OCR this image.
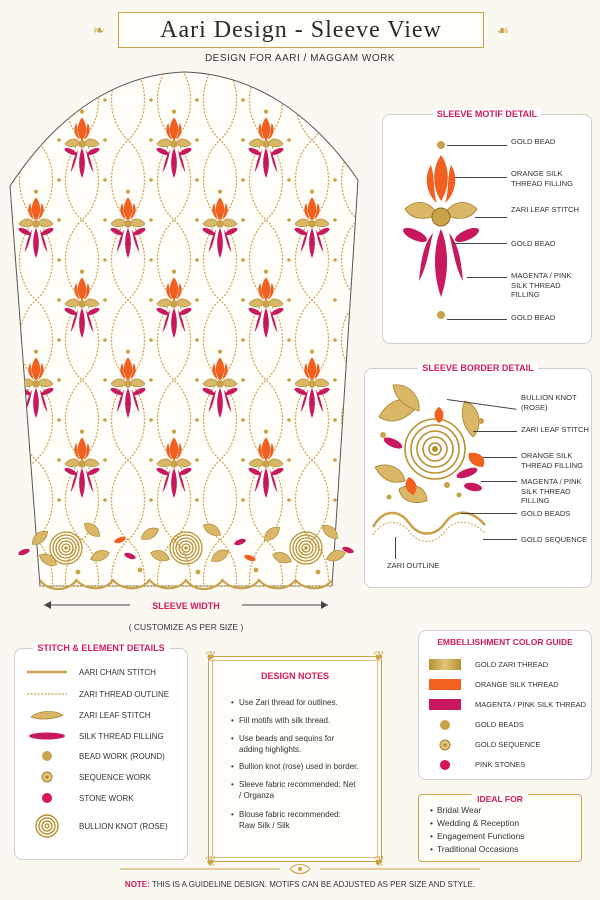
❧ Aari Design - Sleeve View	☙
DESIGN FOR AARI / MAGGAM WORK
SLEEVE WIDTH
( CUSTOMIZE AS PER SIZE )
SLEEVE MOTIF DETAIL
GOLD BEAD
ORANGE SILK THREAD FILLING
ZARI LEAF STITCH
GOLD BEAD
MAGENTA / PINK SILK THREAD FILLING
GOLD BEAD
SLEEVE BORDER DETAIL
BULLION KNOT (ROSE)
ZARI LEAF STITCH
ORANGE SILK THREAD FILLING
MAGENTA / PINK SILK THREAD FILLING
GOLD BEADS
GOLD SEQUENCE
ZARI OUTLINE
STITCH & ELEMENT DETAILS
AARI CHAIN STITCH
ZARI THREAD OUTLINE
ZARI LEAF STITCH
SILK THREAD FILLING
BEAD WORK (ROUND)
SEQUENCE WORK
STONE WORK
BULLION KNOT (ROSE)
❦	❦
❦	❦
DESIGN NOTES
• Use Zari thread for outlines.
• Fill motifs with silk thread.
• Use beads and sequins for adding highlights.
• Bullion knot (rose) used in border.
• Sleeve fabric recommended: Net / Organza
• Blouse fabric recommended: Raw Silk / Silk
EMBELLISHMENT COLOR GUIDE
GOLD ZARI THREAD
ORANGE SILK THREAD
MAGENTA / PINK SILK THREAD
GOLD BEADS
GOLD SEQUENCE
PINK STONES
IDEAL FOR
• Bridal Wear
• Wedding & Reception
• Engagement Functions
• Traditional Occasions
NOTE: THIS IS A GUIDELINE DESIGN. MOTIFS CAN BE ADJUSTED AS PER SIZE AND STYLE.
